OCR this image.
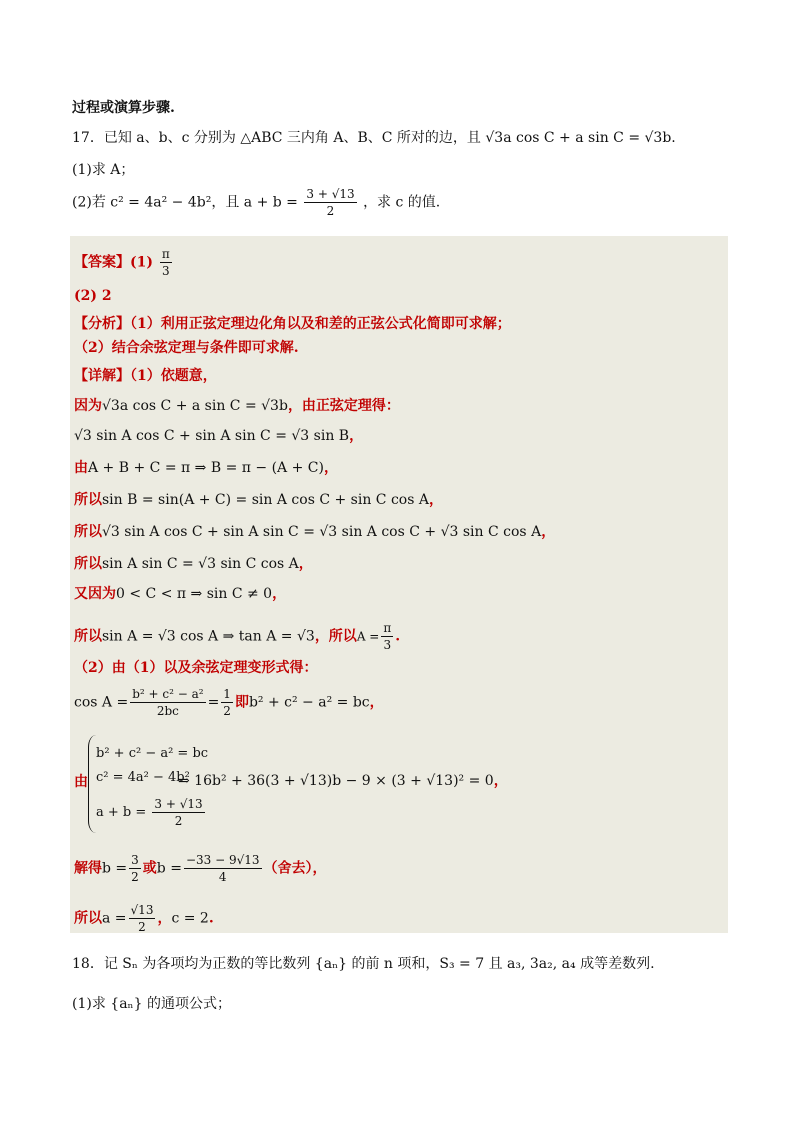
过程或演算步骤.
17．已知 a、b、c 分别为 △ABC 三内角 A、B、C 所对的边，且 √3a cos C + a sin C = √3b.
(1)求 A；
(2)若 c² = 4a² − 4b²，且 $a + b = \frac{3 + √13}{2}$ ，求 c 的值.
【答案】$(1) \frac{\pi}{3}$
(2) 2
【分析】（1）利用正弦定理边化角以及和差的正弦公式化简即可求解；
（2）结合余弦定理与条件即可求解.
【详解】（1）依题意，
因为√3a cos C + a sin C = √3b，由正弦定理得：
√3 sin A cos C + sin A sin C = √3 sin B，
由A + B + C = π ⇒ B = π − (A + C)，
所以sin B = sin(A + C) = sin A cos C + sin C cos A，
所以√3 sin A cos C + sin A sin C = √3 sin A cos C + √3 sin C cos A，
所以sin A sin C = √3 sin C cos A，
又因为0 < C < π ⇒ sin C ≠ 0，
所以sin A = √3 cos A ⇒ tan A = √3，所以$A = \frac{\pi}{3}$ .
（2）由（1）以及余弦定理变形式得：
$\cos A = \frac{\text{b² + c² − a²}}{2bc} = \frac{1}{2}$ 即b² + c² − a² = bc，
由
b² + c² − a² = bc
c² = 4a² − 4b²
$a + b = \frac{3 + √13}{2}$
⇒ 16b² + 36(3 + √13)b − 9 × (3 + √13)² = 0，
解得$b = \frac{3}{2}$ 或$b = \frac{-33 - 9√13}{4}$ （舍去），
所以$a = \frac{√13}{2}$ ，c = 2.
18．记 Sₙ 为各项均为正数的等比数列 {aₙ} 的前 n 项和，S₃ = 7 且 a₃, 3a₂, a₄ 成等差数列.
(1)求 {aₙ} 的通项公式；
